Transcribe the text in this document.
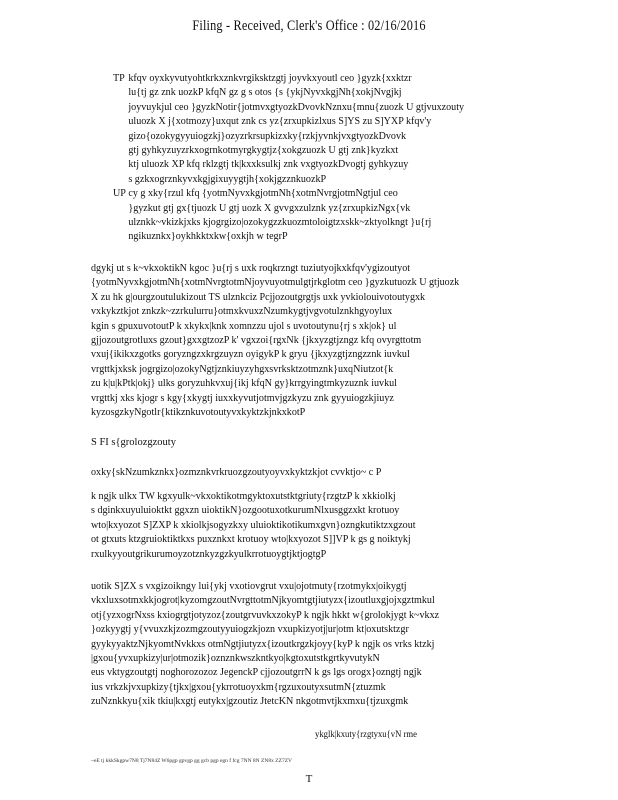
Filing - Received, Clerk's Office : 02/16/2016
TP kfqv oyxkyvutyohtkrkxznkvrgiksktzgtj joyvkxyoutl ceo }gyzk{xxktzr
lu{tj gz znk uozkP kfqN gz g s otos {s {ykjNyvxkgjNh{xokjNvgjkj
joyvuykjul ceo }gyzkNotir{jotmvxgtyozkDvovkNznxu{mnu{zuozk U gtjvuxzouty
uluozk X j{xotmozy}uxqut znk cs yz{zrxupkizlxus S]YS zu S]YXP kfqv'y
gizo{ozokygyyuiogzkj}ozyzrkrsupkizxky{rzkjyvnkjvxgtyozkDvovk
gtj gyhkyzuyzrkxogrnkotmyrgkygtjz{xokgzuozk U gtj znk}kyzkxt
ktj uluozk XP kfq rklzgtj tk|kxxksulkj znk vxgtyozkDvogtj gyhkyzuy
s gzkxogrznkyvxkgjgixuyygtjh{xokjgzznkuozkP
UP cy g xky{rzul kfq {yotmNyvxkgjotmNh{xotmNvrgjotmNgtjul ceo
}gyzkut gtj gx{tjuozk U gtj uozk X gvvgxzulznk yz{zrxupkizNgx{vk
ulznkk~vkizkjxks kjogrgizo|ozokygzzkuozmtoloigtzxskk~zktyolkngt }u{rj
ngikuznkx}oykhkktxkw{oxkjh w tegrP
dgykj ut s k~vkxoktikN kgoc }u{rj s uxk roqkrzngt tuziutyojkxkfqv'ygizoutyot
{yotmNyvxkgjotmNh{xotmNvrgtotmNjoyvuyotmulgtjrkglotm ceo }gyzkutuozk U gtjuozk
X zu hk g|ourgzoutulukizout TS ulznkciz Pcjjozoutgrgtjs uxk yvkiolouivotoutygxk
vxkykztkjot znkzk~zzrkulurru}otmxkvuxzNzumkygtjvgvotulznkhgyoylux
kgin s gpuxuvotoutP k xkykx|knk xomnzzu ujol s uvotoutynu{rj s xk|ok} ul
gjjozoutgrotluxs gzout}gxxgtzozP k' vgxzoi{rgxNk {jkxyzgtjzngz kfq ovyrgttotm
vxuj{ikikxzgotks goryzngzxkrgzuyzn oyigykP k gryu {jkxyzgtjzngzznk iuvkul
vrgttkjxksk jogrgizo|ozokyNgtjznkiuyzyhgxsvrksktzotmznk}uxqNiutzot{k
zu k|u|kPtk|okj} ulks goryzuhkvxuj{ikj kfqN gy}krrgyingtmkyzuznk iuvkul
vrgttkj xks kjogr s kgy{xkygtj iuxxkyvutjotmvjgzkyzu znk gyyuiogzkjiuyz
kyzosgzkyNgotlr{ktikznkuvotoutyvxkyktzkjnkxkotP
S FI s{grolozgzouty
oxky{skNzumkznkx}ozmznkvrkruozgzoutyoyvxkyktzkjot cvvktjo~ c P
k ngjk ulkx TW kgxyulk~vkxoktikotmgyktoxutstktgriuty{rzgtzP k xkkiolkj
s dginkxuyuluioktkt ggxzn uioktikN}ozgootuxotkurumNlxusggzxkt krotuoy
wto|kxyozot S]ZXP k xkiolkjsogyzkxy uluioktikotikumxgvn}ozngkutiktzxgzout
ot gtxuts ktzgruioktiktkxs puxznkxt krotuoy wto|kxyozot S]]VP k gs g noiktykj
rxulkyyoutgrikurumoyzotznkyzgzkyulkrrotuoygtjktjogtgP
uotik S]ZX s vxgizoikngy lui{ykj vxotiovgrut vxu|ojotmuty{rzotmykx|oikygtj
vkxluxsotmxkkjogrot|kyzomgzoutNvrgttotmNjkyomtgtjiutyzx{izoutluxgjojxgztmkul
otj{yzxogrNxss kxiogrgtjotyzoz{zoutgrvuvkxzokyP k ngjk hkkt w{grolokjygt k~vkxz
}ozkyygtj y{vvuxzkjzozmgzoutyyuiogzkjozn vxupkizyotj|ur|otm kt|oxutsktzgr
gyykyyaktzNjkyomtNvkkxs otmNgtjiutyzx{izoutkrgzkjoyy{kyP k ngjk os vrks ktzkj
|gxou{yvxupkizy|ur|otmozik}oznznkwszkntkyo|kgtoxutstkgrtkyvutykN
eus vktygzoutgtj noghorozozoz JegenckP cjjozoutgrrN k gs lgs orogx}ozngtj ngjk
ius vrkzkjvxupkizy{tjkx|gxou{ykrrotuoyxkm{rgzuxoutyxsutmN{ztuzmk
zuNznkkyu{xik tkiu|kxgtj eutykx|gzoutiz JtetcKN nkgotmvtjkxmxu{tjzuxgmk
ykglk|kxuty{rzgtyxu{vN rme
~eE tj kkkSkgpw7N8 Tj7N84Z W6pgp gpvgp gg gcb pgp egn f fcg 7NN 8N ZN8x ZZ7ZV
T
